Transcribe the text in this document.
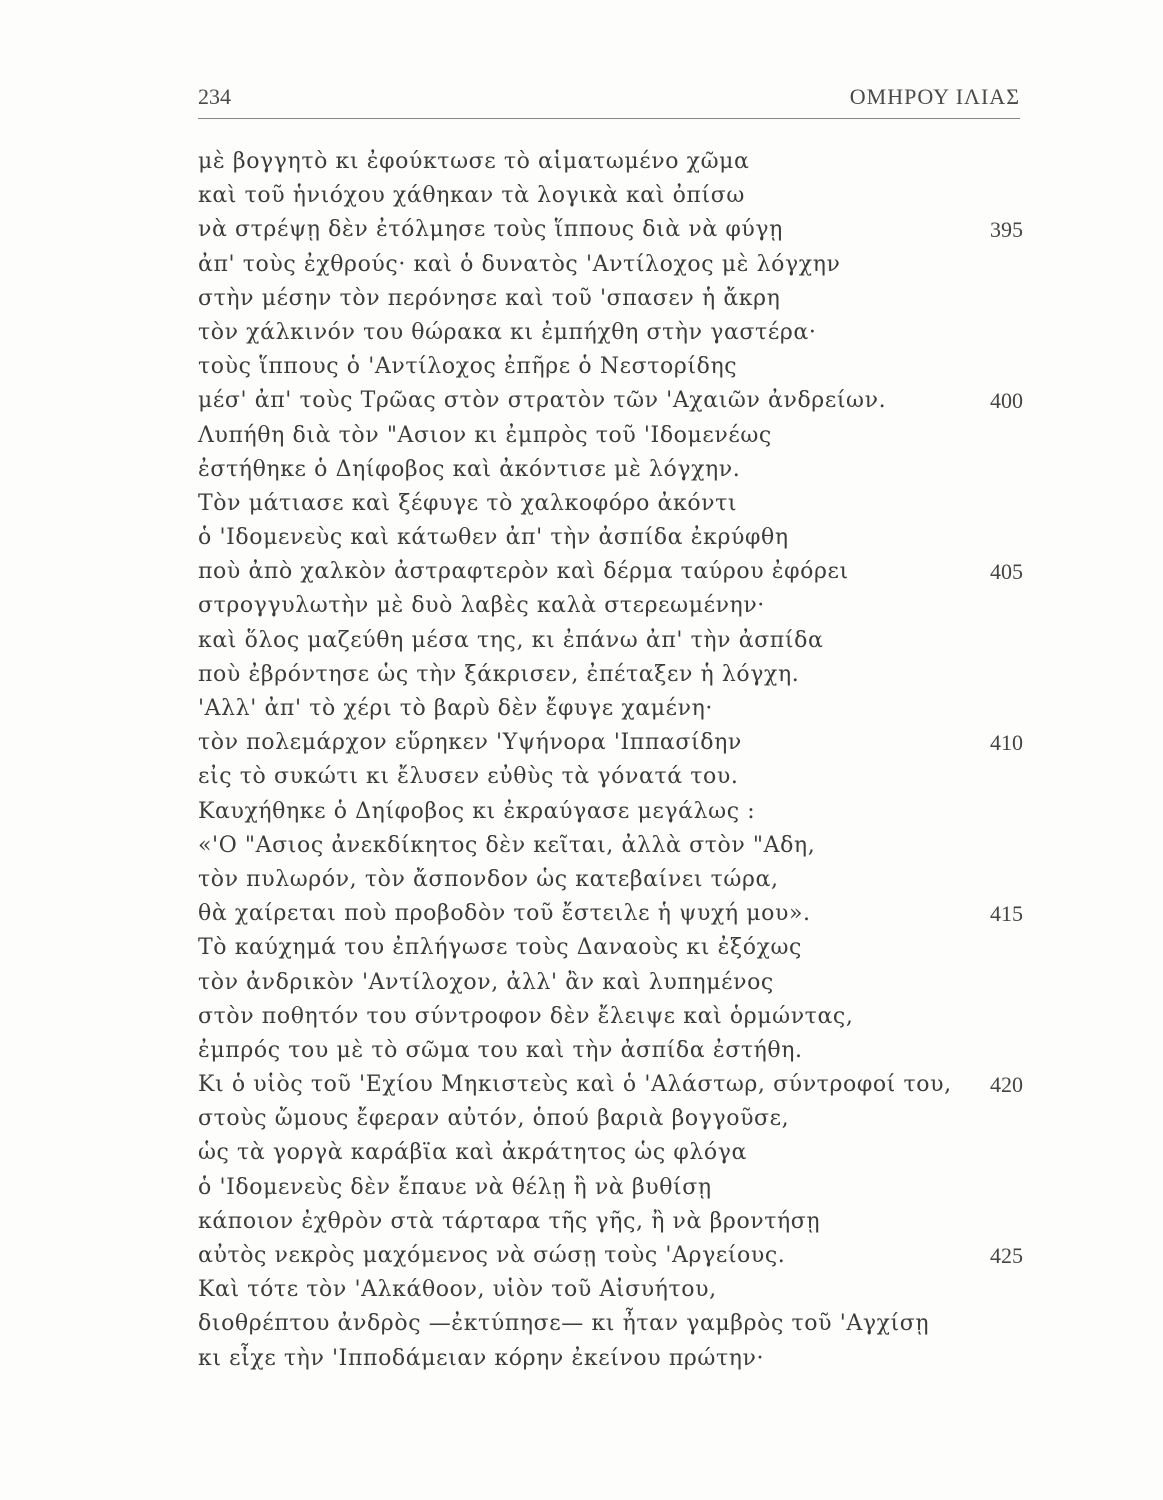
234	ΟΜΗΡΟΥ ΙΛΙΑΣ
μὲ βογγητὸ κι ἐφούκτωσε τὸ αἱματωμένο χῶμα
καὶ τοῦ ἡνιόχου χάθηκαν τὰ λογικὰ καὶ ὀπίσω
νὰ στρέψῃ δὲν ἐτόλμησε τοὺς ἵππους διὰ νὰ φύγῃ	395
ἀπ' τοὺς ἐχθρούς· καὶ ὁ δυνατὸς 'Αντίλοχος μὲ λόγχην
στὴν μέσην τὸν περόνησε καὶ τοῦ 'σπασεν ἡ ἄκρη
τὸν χάλκινόν του θώρακα κι ἐμπήχθη στὴν γαστέρα·
τοὺς ἵππους ὁ 'Αντίλοχος ἐπῆρε ὁ Νεστορίδης
μέσ' ἀπ' τοὺς Τρῶας στὸν στρατὸν τῶν 'Αχαιῶν ἀνδρείων.	400
Λυπήθη διὰ τὸν "Ασιον κι ἐμπρὸς τοῦ 'Ιδομενέως
ἐστήθηκε ὁ Δηίφοβος καὶ ἀκόντισε μὲ λόγχην.
Τὸν μάτιασε καὶ ξέφυγε τὸ χαλκοφόρο ἀκόντι
ὁ 'Ιδομενεὺς καὶ κάτωθεν ἀπ' τὴν ἀσπίδα ἐκρύφθη
ποὺ ἀπὸ χαλκὸν ἀστραφτερὸν καὶ δέρμα ταύρου ἐφόρει	405
στρογγυλωτὴν μὲ δυὸ λαβὲς καλὰ στερεωμένην·
καὶ ὅλος μαζεύθη μέσα της, κι ἐπάνω ἀπ' τὴν ἀσπίδα
ποὺ ἐβρόντησε ὡς τὴν ξάκρισεν, ἐπέταξεν ἡ λόγχη.
'Αλλ' ἀπ' τὸ χέρι τὸ βαρὺ δὲν ἔφυγε χαμένη·
τὸν πολεμάρχον εὕρηκεν 'Υψήνορα 'Ιππασίδην	410
εἰς τὸ συκώτι κι ἔλυσεν εὐθὺς τὰ γόνατά του.
Καυχήθηκε ὁ Δηίφοβος κι ἐκραύγασε μεγάλως :
«'Ο "Ασιος ἀνεκδίκητος δὲν κεῖται, ἀλλὰ στὸν "Αδη,
τὸν πυλωρόν, τὸν ἄσπονδον ὡς κατεβαίνει τώρα,
θὰ χαίρεται ποὺ προβοδὸν τοῦ ἔστειλε ἡ ψυχή μου».	415
Τὸ καύχημά του ἐπλήγωσε τοὺς Δαναοὺς κι ἐξόχως
τὸν ἀνδρικὸν 'Αντίλοχον, ἀλλ' ἂν καὶ λυπημένος
στὸν ποθητόν του σύντροφον δὲν ἔλειψε καὶ ὁρμώντας,
ἐμπρός του μὲ τὸ σῶμα του καὶ τὴν ἀσπίδα ἐστήθη.
Κι ὁ υἱὸς τοῦ 'Εχίου Μηκιστεὺς καὶ ὁ 'Αλάστωρ, σύντροφοί του, 420
στοὺς ὤμους ἔφεραν αὐτόν, ὁπού βαριὰ βογγοῦσε,
ὡς τὰ γοργὰ καράβϊα καὶ ἀκράτητος ὡς φλόγα
ὁ 'Ιδομενεὺς δὲν ἔπαυε νὰ θέλῃ ἢ νὰ βυθίσῃ
κάποιον ἐχθρὸν στὰ τάρταρα τῆς γῆς, ἢ νὰ βροντήσῃ
αὐτὸς νεκρὸς μαχόμενος νὰ σώσῃ τοὺς 'Αργείους.	425
Καὶ τότε τὸν 'Αλκάθοον, υἱὸν τοῦ Αἰσυήτου,
διοθρέπτου ἀνδρὸς —ἐκτύπησε— κι ἦταν γαμβρὸς τοῦ 'Αγχίσῃ
κι εἶχε τὴν 'Ιπποδάμειαν κόρην ἐκείνου πρώτην·
